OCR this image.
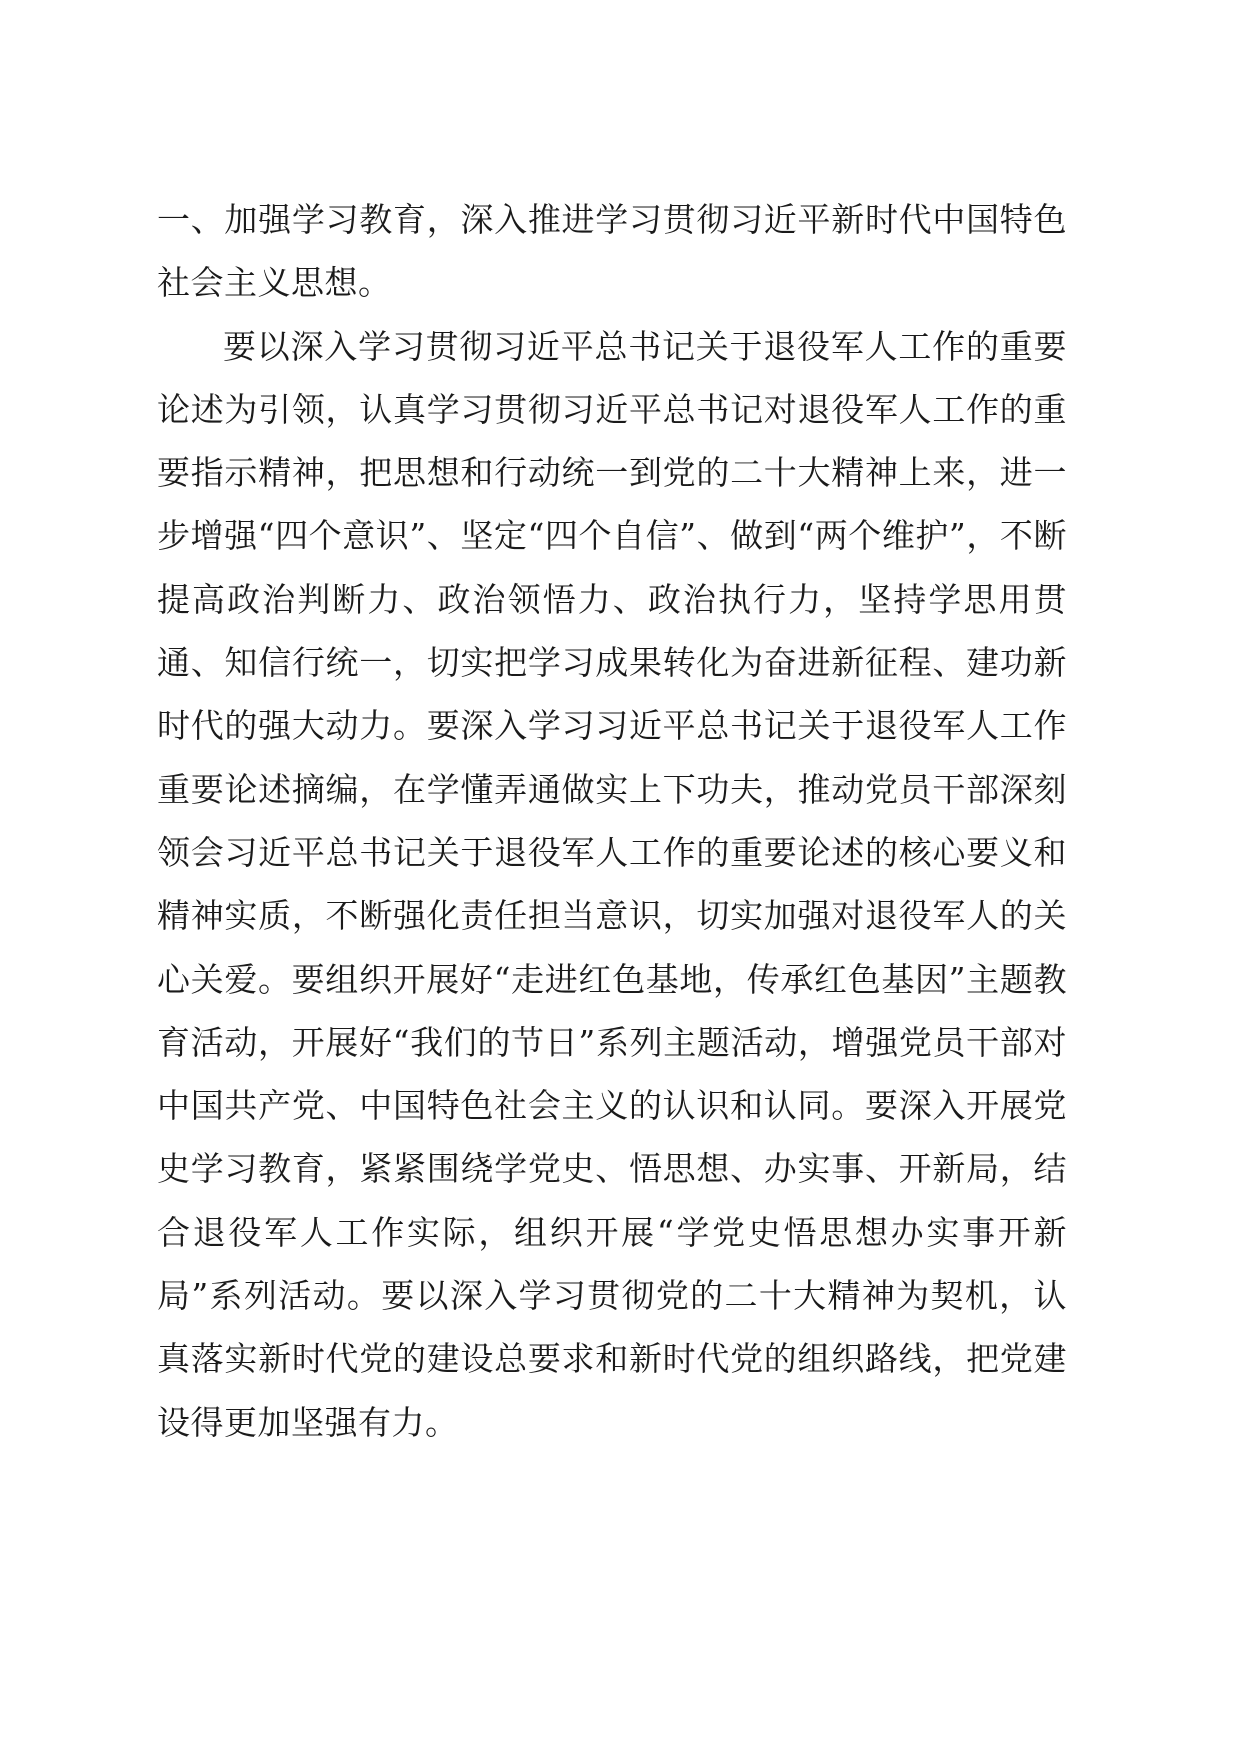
一、加强学习教育，深入推进学习贯彻习近平新时代中国特色社会主义思想。

要以深入学习贯彻习近平总书记关于退役军人工作的重要论述为引领，认真学习贯彻习近平总书记对退役军人工作的重要指示精神，把思想和行动统一到党的二十大精神上来，进一步增强“四个意识”、坚定“四个自信”、做到“两个维护”，不断提高政治判断力、政治领悟力、政治执行力，坚持学思用贯通、知信行统一，切实把学习成果转化为奋进新征程、建功新时代的强大动力。要深入学习习近平总书记关于退役军人工作重要论述摘编，在学懂弄通做实上下功夫，推动党员干部深刻领会习近平总书记关于退役军人工作的重要论述的核心要义和精神实质，不断强化责任担当意识，切实加强对退役军人的关心关爱。要组织开展好“走进红色基地，传承红色基因”主题教育活动，开展好“我们的节日”系列主题活动，增强党员干部对中国共产党、中国特色社会主义的认识和认同。要深入开展党史学习教育，紧紧围绕学党史、悟思想、办实事、开新局，结合退役军人工作实际，组织开展“学党史悟思想办实事开新局”系列活动。要以深入学习贯彻党的二十大精神为契机，认真落实新时代党的建设总要求和新时代党的组织路线，把党建设得更加坚强有力。
